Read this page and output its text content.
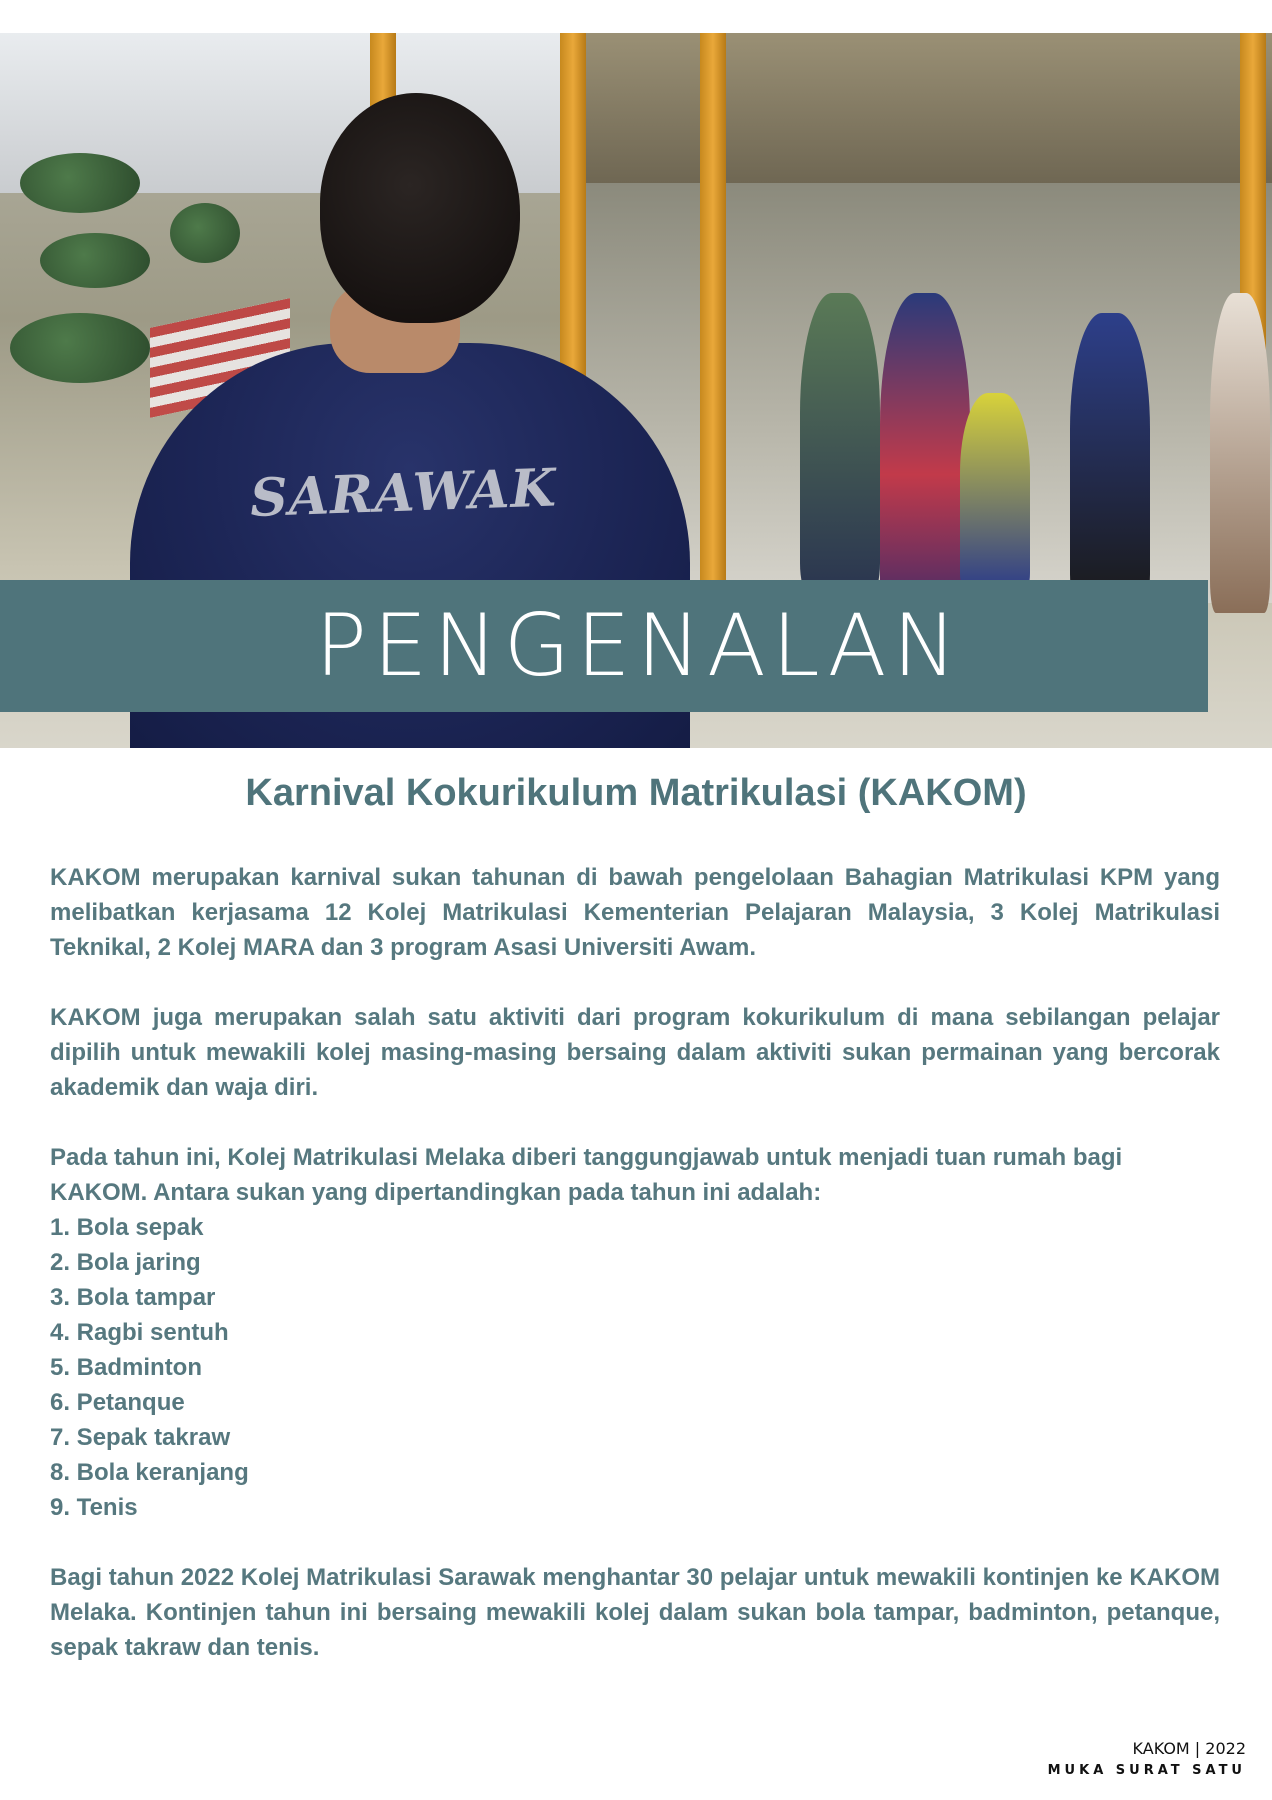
SARAWAK
PENGENALAN
Karnival Kokurikulum Matrikulasi (KAKOM)

KAKOM merupakan karnival sukan tahunan di bawah pengelolaan Bahagian Matrikulasi KPM yang melibatkan kerjasama 12 Kolej Matrikulasi Kementerian Pelajaran Malaysia, 3 Kolej Matrikulasi Teknikal, 2 Kolej MARA dan 3 program Asasi Universiti Awam.

KAKOM juga merupakan salah satu aktiviti dari program kokurikulum di mana sebilangan pelajar dipilih untuk mewakili kolej masing-masing bersaing dalam aktiviti sukan permainan yang bercorak akademik dan waja diri.

Pada tahun ini, Kolej Matrikulasi Melaka diberi tanggungjawab untuk menjadi tuan rumah bagi KAKOM. Antara sukan yang dipertandingkan pada tahun ini adalah:

1. Bola sepak
2. Bola jaring
3. Bola tampar
4. Ragbi sentuh
5. Badminton
6. Petanque
7. Sepak takraw
8. Bola keranjang
9. Tenis

Bagi tahun 2022 Kolej Matrikulasi Sarawak menghantar 30 pelajar untuk mewakili kontinjen ke KAKOM Melaka. Kontinjen tahun ini bersaing mewakili kolej dalam sukan bola tampar, badminton, petanque, sepak takraw dan tenis.

KAKOM | 2022
MUKA SURAT SATU
